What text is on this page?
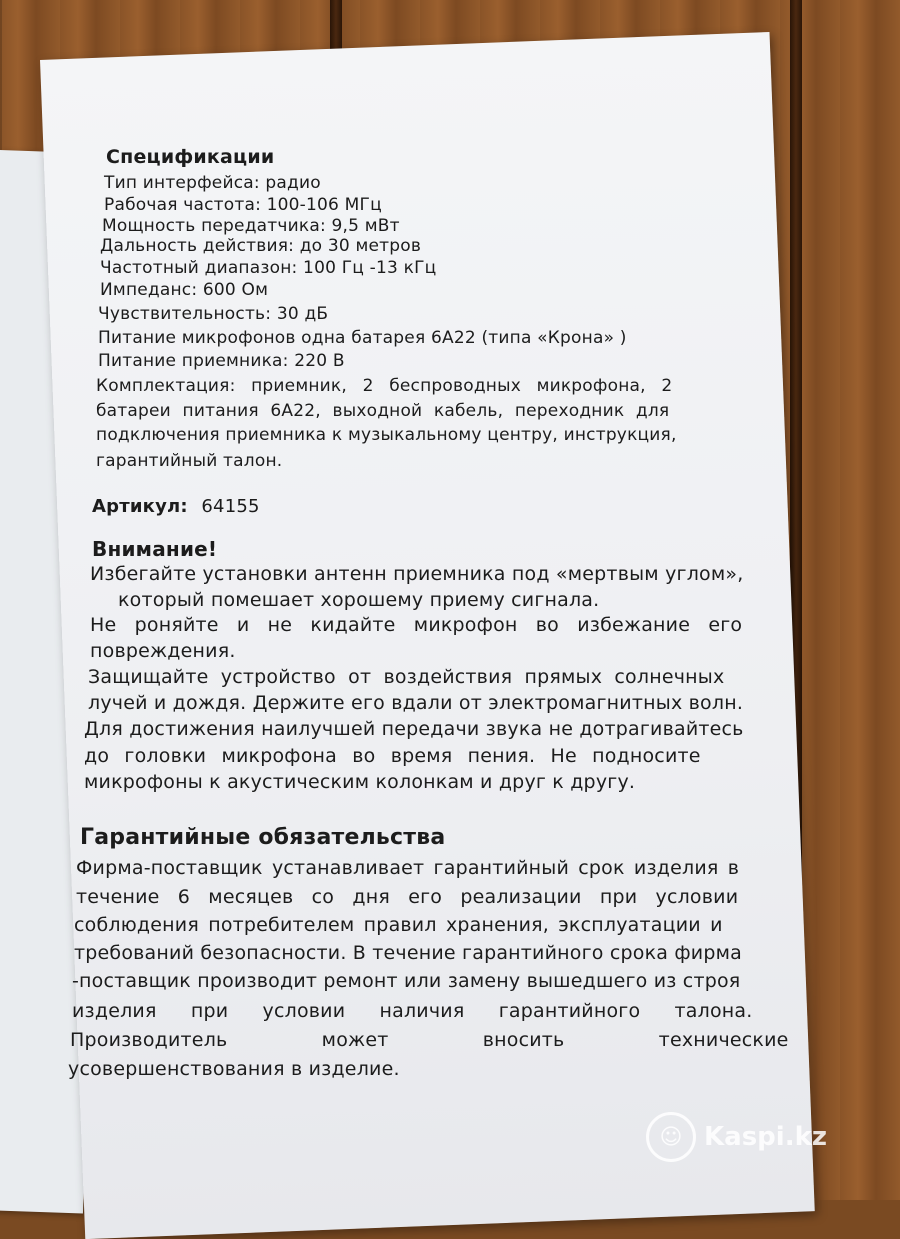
Спецификации
Тип интерфейса: радио
Рабочая частота: 100-106 МГц
Мощность передатчика: 9,5 мВт
Дальность действия: до 30 метров
Частотный диапазон: 100 Гц -13 кГц
Импеданс: 600 Ом
Чувствительность: 30 дБ
Питание микрофонов одна батарея 6А22 (типа «Крона» )
Питание приемника: 220 В
Комплектация: приемник, 2 беспроводных микрофона, 2
батареи питания 6А22, выходной кабель, переходник для
подключения приемника к музыкальному центру, инструкция,
гарантийный талон.
Артикул: 64155
Внимание!
Избегайте установки антенн приемника под «мертвым углом»,
который помешает хорошему приему сигнала.
Не роняйте и не кидайте микрофон во избежание его
повреждения.
Защищайте устройство от воздействия прямых солнечных
лучей и дождя. Держите его вдали от электромагнитных волн.
Для достижения наилучшей передачи звука не дотрагивайтесь
до головки микрофона во время пения. Не подносите
микрофоны к акустическим колонкам и друг к другу.
Гарантийные обязательства
Фирма-поставщик устанавливает гарантийный срок изделия в
течение 6 месяцев со дня его реализации при условии
соблюдения потребителем правил хранения, эксплуатации и
требований безопасности. В течение гарантийного срока фирма
-поставщик производит ремонт или замену вышедшего из строя
изделия при условии наличия гарантийного талона.
Производитель может вносить технические
усовершенствования в изделие.
☺ Kaspi.kz
